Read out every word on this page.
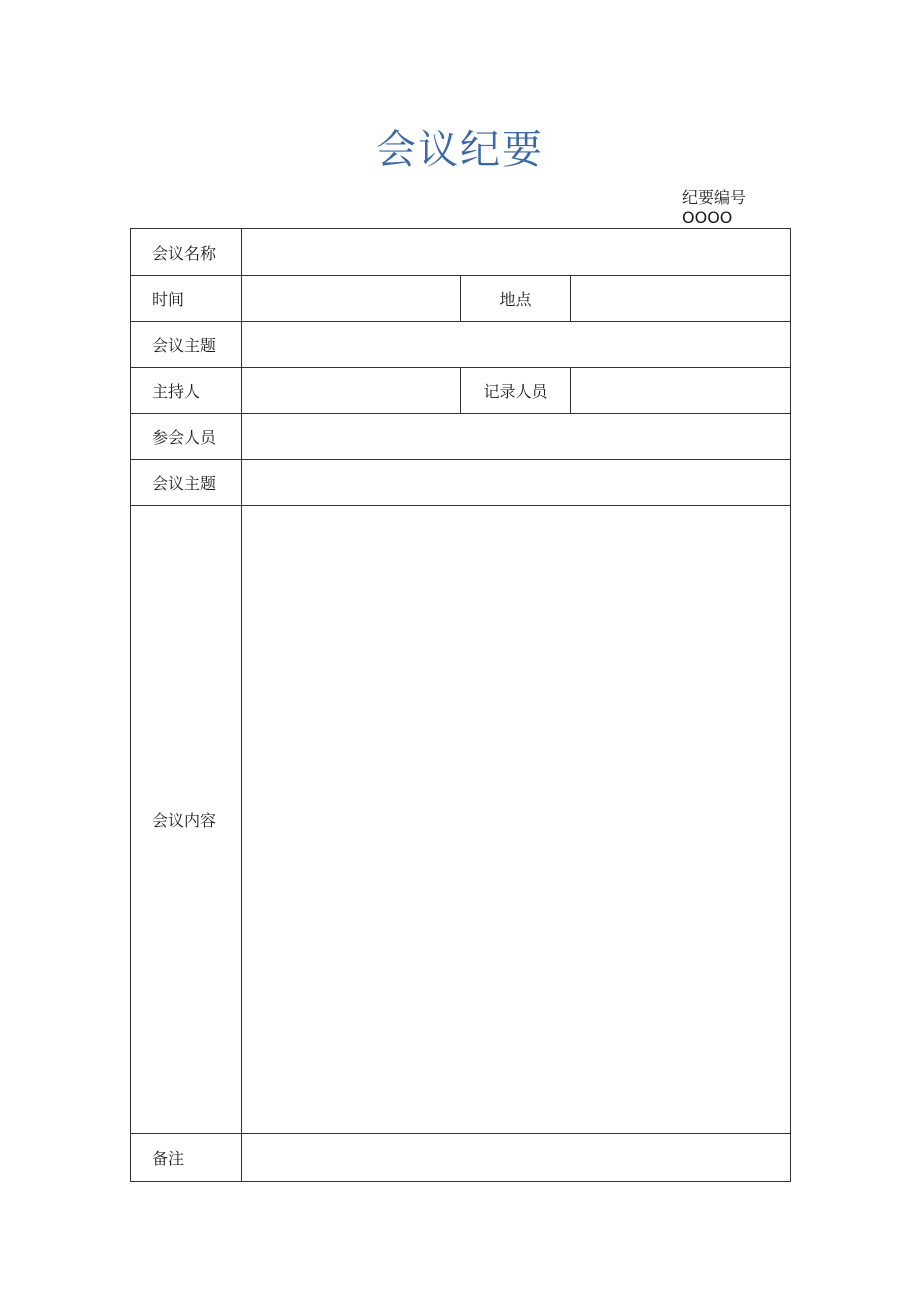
会议纪要
纪要编号
OOOO
会议名称			
时间		地点	
会议主题			
主持人		记录人员	
参会人员			
会议主题			
会议内容			
备注			
